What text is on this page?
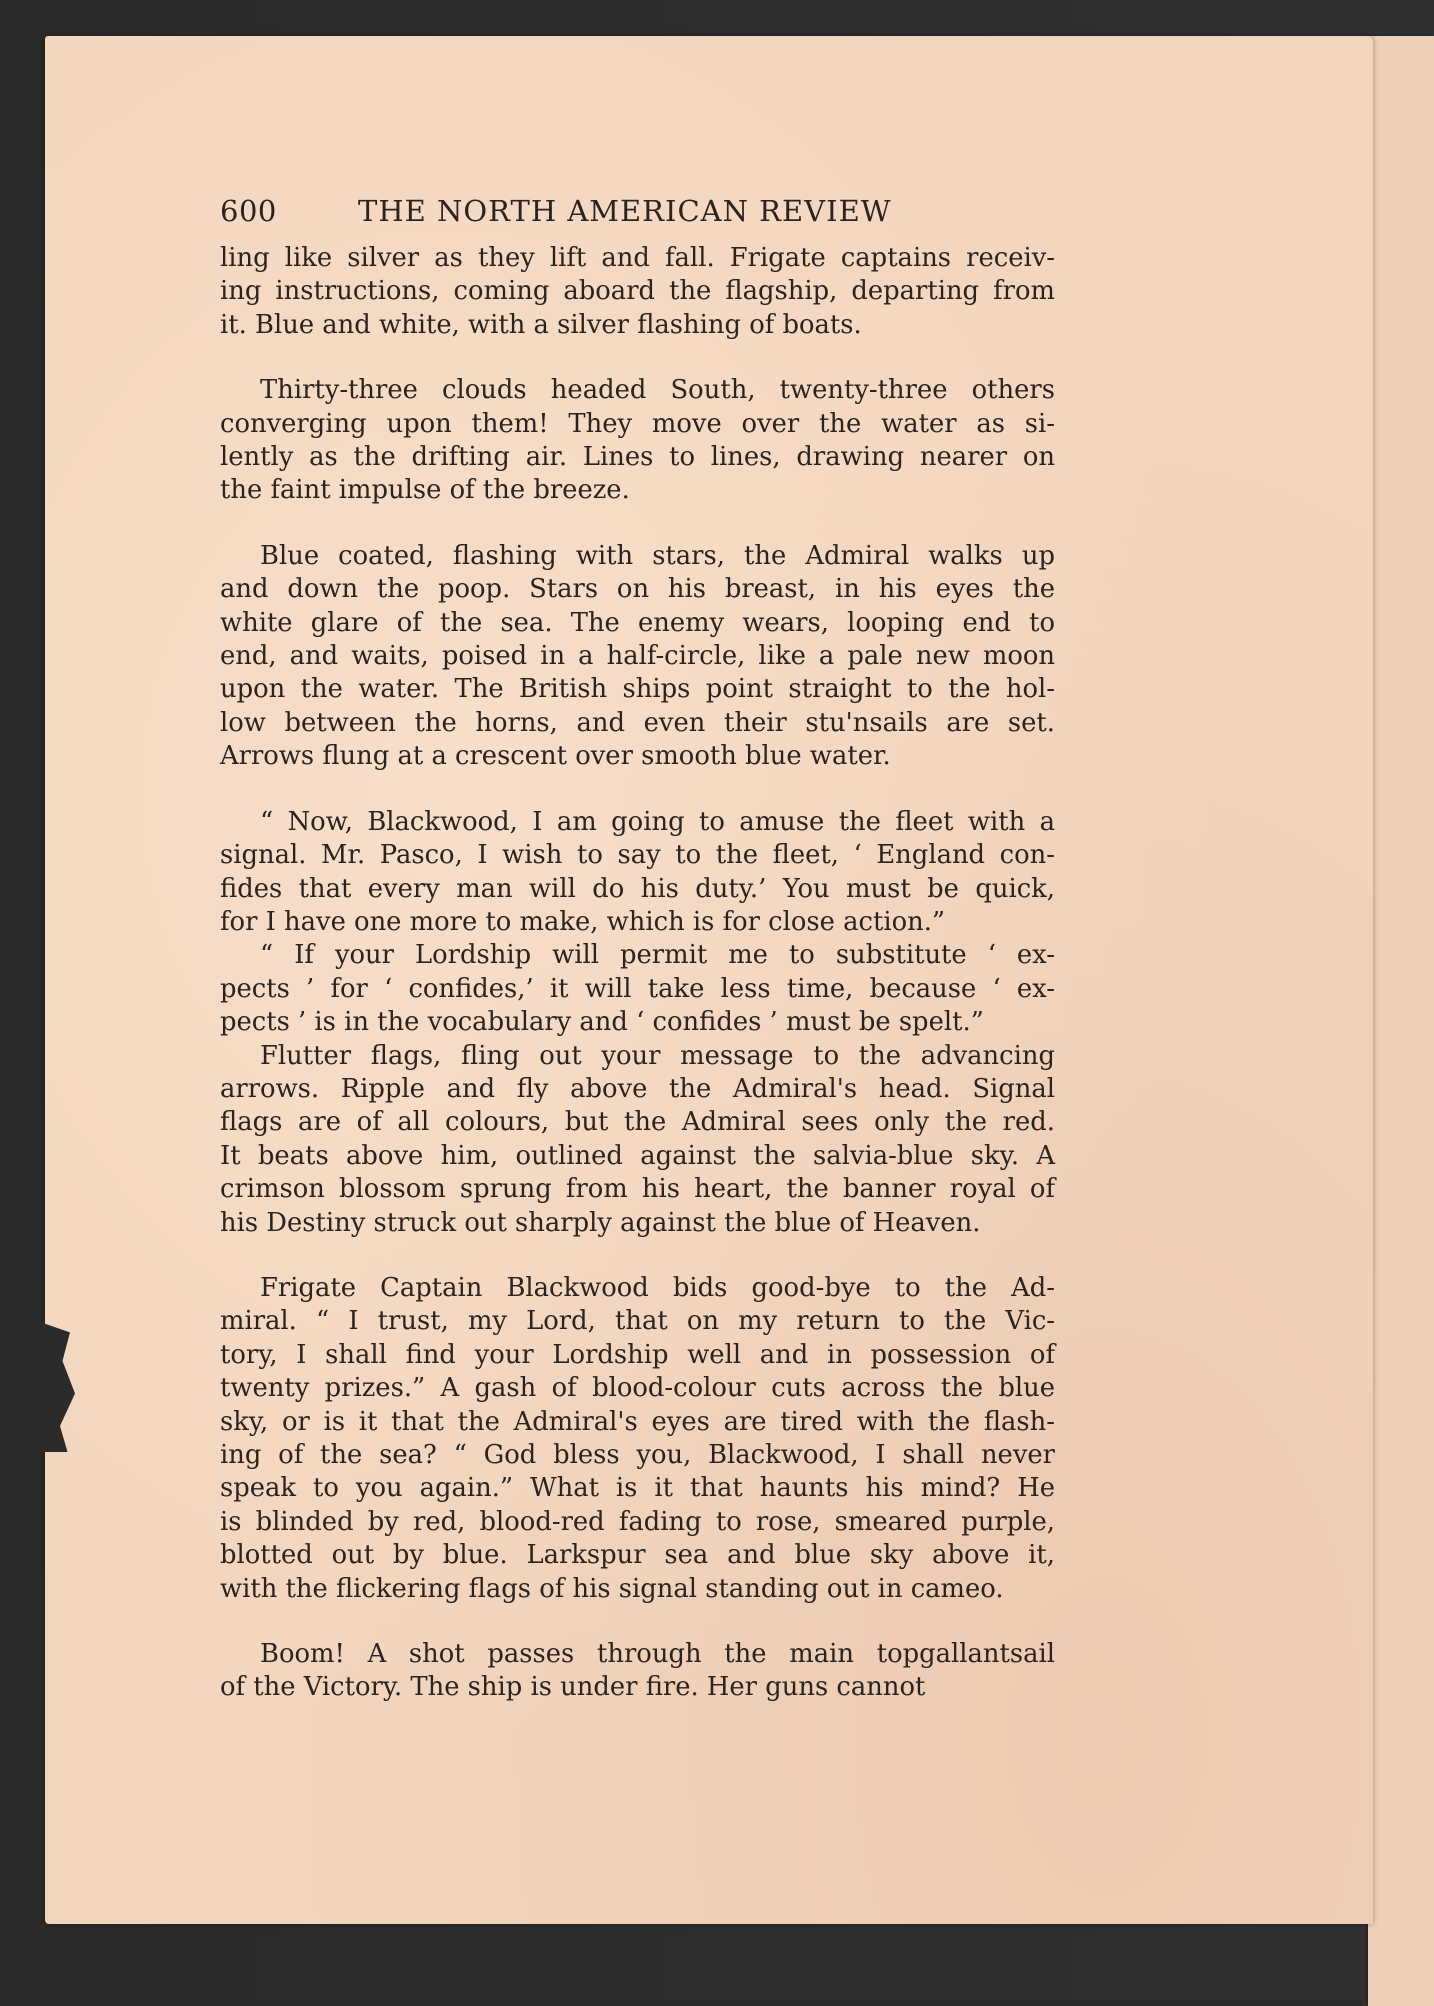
600	THE NORTH AMERICAN REVIEW
ling like silver as they lift and fall. Frigate captains receiv-
ing instructions, coming aboard the flagship, departing from
it. Blue and white, with a silver flashing of boats.
Thirty-three clouds headed South, twenty-three others
converging upon them! They move over the water as si-
lently as the drifting air. Lines to lines, drawing nearer on
the faint impulse of the breeze.
Blue coated, flashing with stars, the Admiral walks up
and down the poop. Stars on his breast, in his eyes the
white glare of the sea. The enemy wears, looping end to
end, and waits, poised in a half-circle, like a pale new moon
upon the water. The British ships point straight to the hol-
low between the horns, and even their stu'nsails are set.
Arrows flung at a crescent over smooth blue water.
“ Now, Blackwood, I am going to amuse the fleet with a
signal. Mr. Pasco, I wish to say to the fleet, ‘ England con-
fides that every man will do his duty.’ You must be quick,
for I have one more to make, which is for close action.”
“ If your Lordship will permit me to substitute ‘ ex-
pects ’ for ‘ confides,’ it will take less time, because ‘ ex-
pects ’ is in the vocabulary and ‘ confides ’ must be spelt.”
Flutter flags, fling out your message to the advancing
arrows. Ripple and fly above the Admiral's head. Signal
flags are of all colours, but the Admiral sees only the red.
It beats above him, outlined against the salvia-blue sky. A
crimson blossom sprung from his heart, the banner royal of
his Destiny struck out sharply against the blue of Heaven.
Frigate Captain Blackwood bids good-bye to the Ad-
miral. “ I trust, my Lord, that on my return to the Vic-
tory, I shall find your Lordship well and in possession of
twenty prizes.” A gash of blood-colour cuts across the blue
sky, or is it that the Admiral's eyes are tired with the flash-
ing of the sea? “ God bless you, Blackwood, I shall never
speak to you again.” What is it that haunts his mind? He
is blinded by red, blood-red fading to rose, smeared purple,
blotted out by blue. Larkspur sea and blue sky above it,
with the flickering flags of his signal standing out in cameo.
Boom! A shot passes through the main topgallantsail
of the Victory. The ship is under fire. Her guns cannot
